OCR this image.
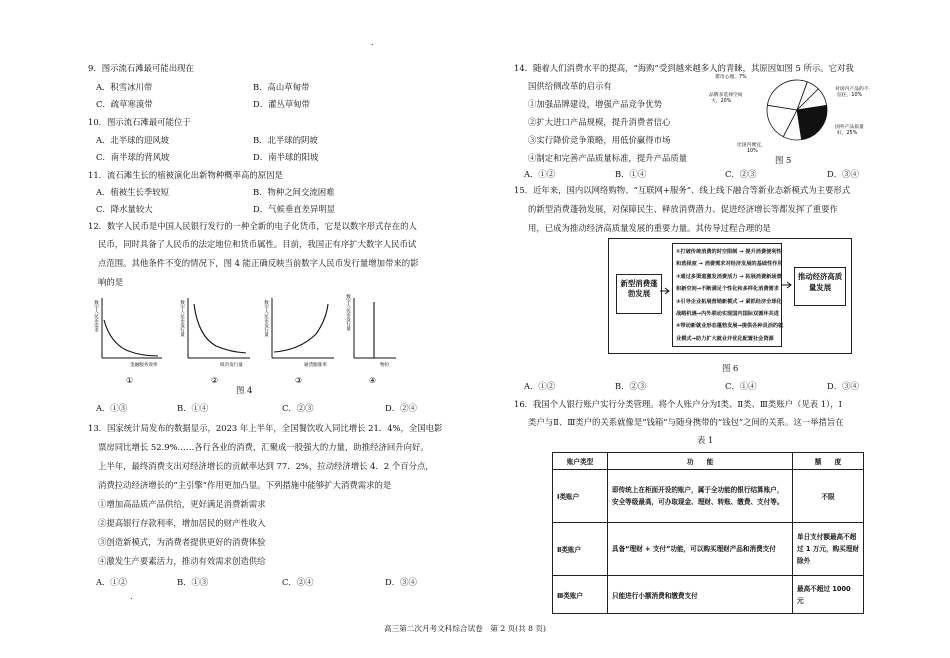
.
.
高三第二次月考文科综合试卷　第 2 页(共 8 页)
9．图示流石滩最可能出现在
A．积雪冰川带	B．高山草甸带
C．疏草寒漠带	D．灌丛草甸带
10．图示流石滩最可能位于
A．北半球的迎风坡	B．北半球的阴坡
C．南半球的背风坡	D．南半球的阳坡
11．流石滩生长的植被演化出新物种概率高的原因是
A．植被生长季较短	B．物种之间交流困难
C．降水量较大	D．气候垂直差异明显
12．数字人民币是中国人民银行发行的一种全新的电子化货币，它是以数字形式存在的人
民币，同时具备了人民币的法定地位和货币属性。目前，我国正有序扩大数字人民币试
点范围。其他条件不变的情况下，图 4 能正确反映当前数字人民币发行量增加带来的影
响的是
数字人民币需求
金融服务效率
①
数字人民币发行量
纸币发行量
②
数字人民币发行量
通货膨胀率
③
数字人民币发行量
物价
④
图 4
A．①③	B．①④	C．②③	D．②④
13．国家统计局发布的数据显示，2023 年上半年，全国餐饮收入同比增长 21．4%，全国电影
票房同比增长 52.9%……各行各业的消费，汇聚成一股强大的力量，助推经济回升向好。
上半年，最终消费支出对经济增长的贡献率达到 77．2%，拉动经济增长 4．2 个百分点，
消费拉动经济增长的“主引擎”作用更加凸显。下列措施中能够扩大消费需求的是
①增加高品质产品供给，更好满足消费新需求
②提高银行存款利率，增加居民的财产性收入
③创造新模式，为消费者提供更好的消费体验
④激发生产要素活力，推动有效需求创造供给
A．①②	B．①③	C．②④	D．③④
14．随着人们消费水平的提高，“海购”受到越来越多人的青睐，其原因如图 5 所示。它对我
国供给侧改革的启示有
①加强品牌建设，增强产品竞争优势
②扩大进口产品规模，提升消费者信心
③实行降价竞争策略，用低价赢得市场
④制定和完善产品质量标准，提升产品质量
猎奇心理，7%
对国内产品的不
信任，10%
国外产品质量
好，25%
比国内便宜，
10%
品牌多选择空间
大，20%
图 5
A．①②	B．①④	C．②③	D．③④
15．近年来，国内以网络购物、“互联网+服务”、线上线下融合等新业态新模式为主要形式
的新型消费蓬勃发展，对保障民生、释放消费潜力、促进经济增长等都发挥了重要作
用，已成为推动经济高质量发展的重要力量。其传导过程合理的是
新型消费蓬勃发展
①打破传统消费的时空限制 → 提升消费便利性
和选择度 → 消费需求对经济发展的基础性作用
②通过多渠道激发消费活力 → 拓展消费新场景
和新空间→不断满足个性化和多样化消费需求
③引导企业拓展营销新模式 → 紧抓经济全球化
战略机遇→内外联动实现国内国际双循环共进
④带动新就业形态蓬勃发展→提供各种灵活的就
业模式→助力扩大就业并优化配置社会资源
推动经济高质量发展
图 6
A．①②	B．②③	C．①④	D．③④
16．我国个人银行账户实行分类管理。将个人账户分为Ⅰ类、Ⅱ类、Ⅲ类账户（见表 1），Ⅰ
类户与Ⅱ、Ⅲ类户的关系就像是“钱箱”与随身携带的“钱包”之间的关系。这一举措旨在
表 1
账户类型	功　　能	额　　度
Ⅰ类账户	即传统上在柜面开设的账户，属于全功能的银行结算账户，安全等级最高，可办取现金、理财、转账、缴费、支付等。	不限
Ⅱ类账户	具备“理财 + 支付”功能，可以购买理财产品和消费支付	单日支付额最高不超过 1 万元，购买理财除外
Ⅲ类账户	只能进行小额消费和缴费支付	最高不超过 1000 元
